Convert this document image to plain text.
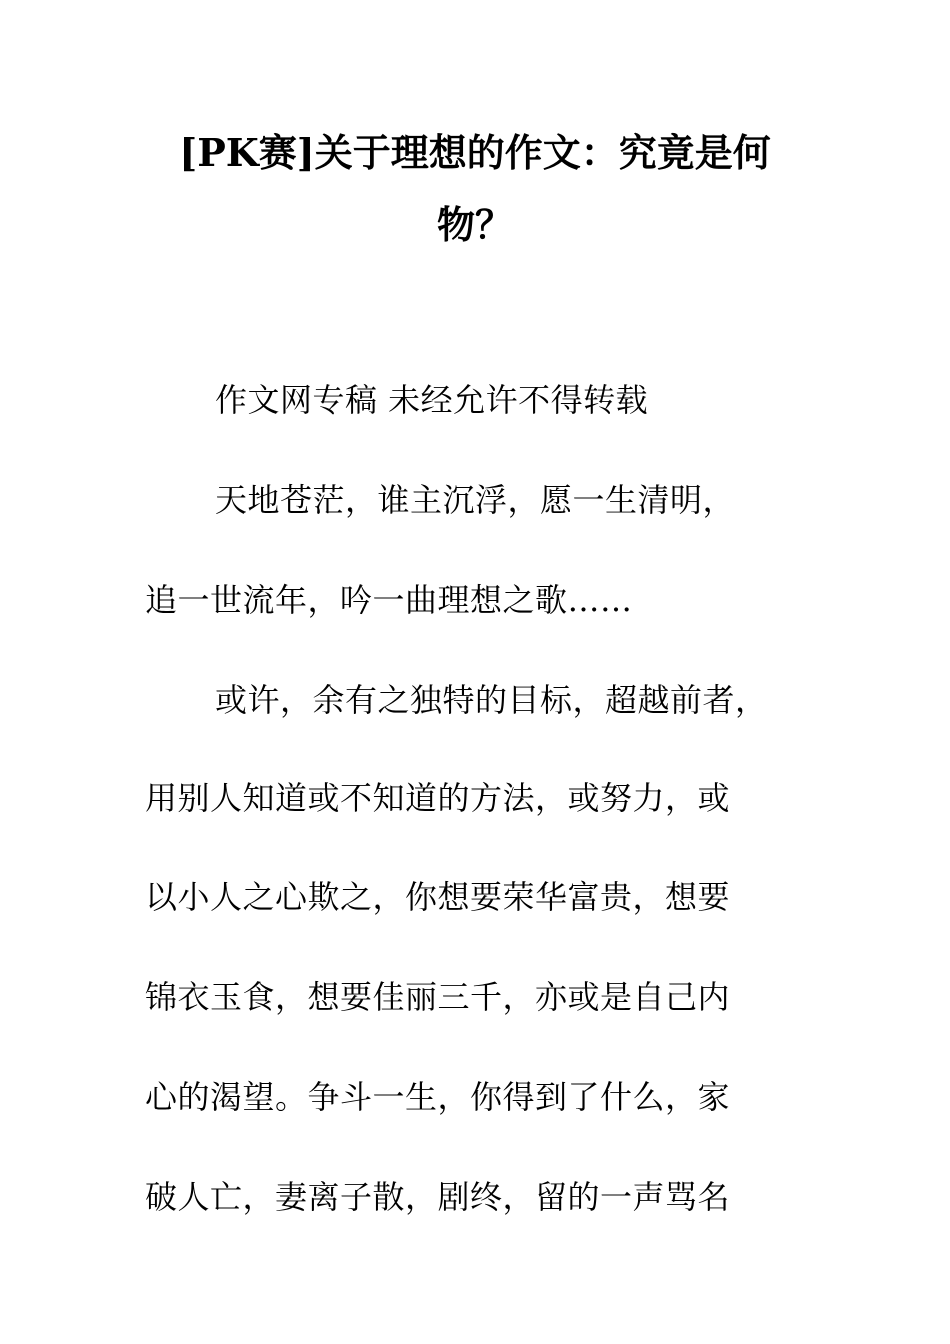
[PK赛]关于理想的作文：究竟是何
物？
作文网专稿 未经允许不得转载
天地苍茫，谁主沉浮，愿一生清明，
追一世流年，吟一曲理想之歌……
或许，余有之独特的目标，超越前者，
用别人知道或不知道的方法，或努力，或
以小人之心欺之，你想要荣华富贵，想要
锦衣玉食，想要佳丽三千，亦或是自己内
心的渴望。争斗一生，你得到了什么，家
破人亡，妻离子散，剧终，留的一声骂名
